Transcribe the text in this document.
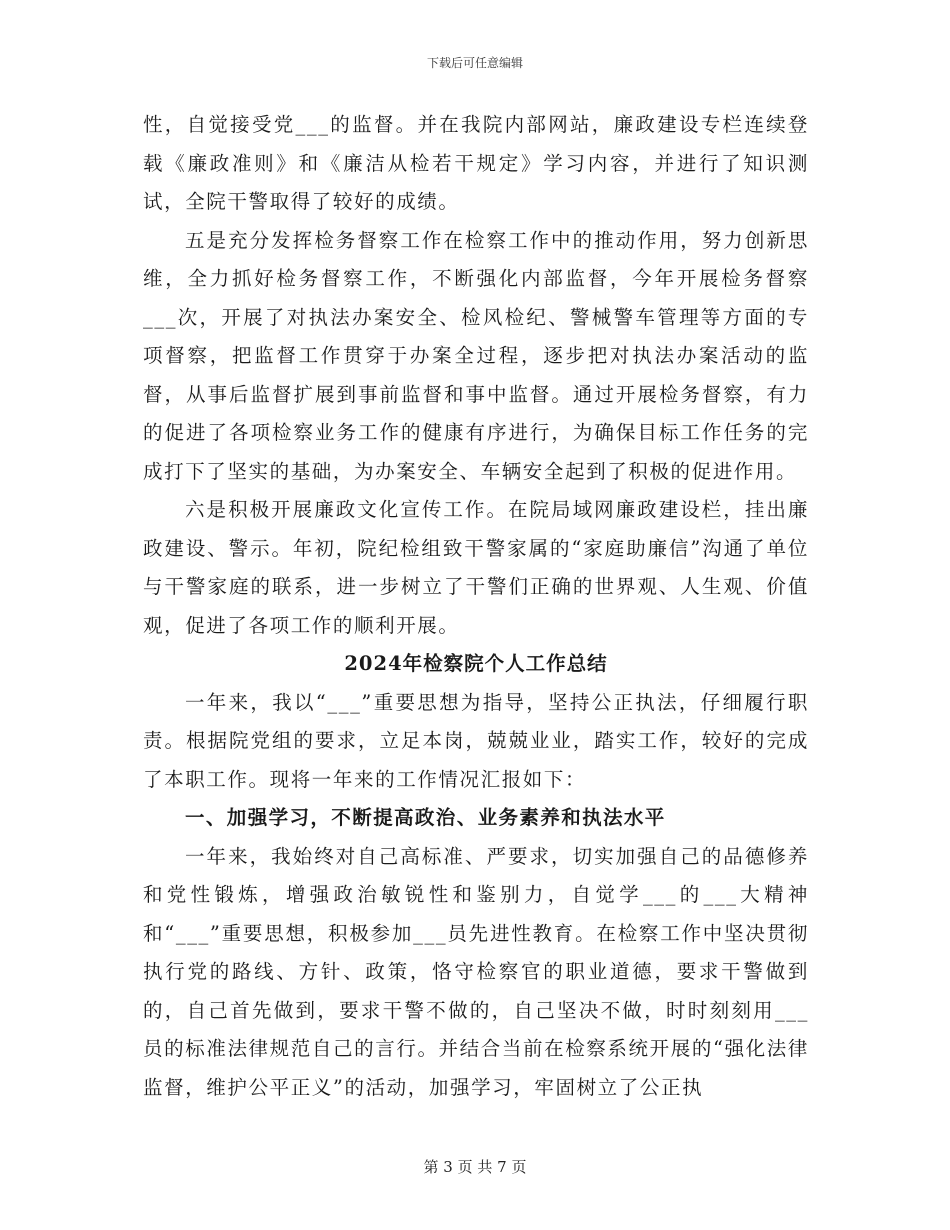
下载后可任意编辑

性，自觉接受党___的监督。并在我院内部网站，廉政建设专栏连续登载《廉政准则》和《廉洁从检若干规定》学习内容，并进行了知识测试，全院干警取得了较好的成绩。

五是充分发挥检务督察工作在检察工作中的推动作用，努力创新思维，全力抓好检务督察工作，不断强化内部监督，今年开展检务督察___次，开展了对执法办案安全、检风检纪、警械警车管理等方面的专项督察，把监督工作贯穿于办案全过程，逐步把对执法办案活动的监督，从事后监督扩展到事前监督和事中监督。通过开展检务督察，有力的促进了各项检察业务工作的健康有序进行，为确保目标工作任务的完成打下了坚实的基础，为办案安全、车辆安全起到了积极的促进作用。

六是积极开展廉政文化宣传工作。在院局域网廉政建设栏，挂出廉政建设、警示。年初，院纪检组致干警家属的“家庭助廉信”沟通了单位与干警家庭的联系，进一步树立了干警们正确的世界观、人生观、价值观，促进了各项工作的顺利开展。

2024年检察院个人工作总结

一年来，我以“___”重要思想为指导，坚持公正执法，仔细履行职责。根据院党组的要求，立足本岗，兢兢业业，踏实工作，较好的完成了本职工作。现将一年来的工作情况汇报如下：

一、加强学习，不断提高政治、业务素养和执法水平

一年来，我始终对自己高标准、严要求，切实加强自己的品德修养和党性锻炼，增强政治敏锐性和鉴别力，自觉学___的___大精神和“___”重要思想，积极参加___员先进性教育。在检察工作中坚决贯彻执行党的路线、方针、政策，恪守检察官的职业道德，要求干警做到的，自己首先做到，要求干警不做的，自己坚决不做，时时刻刻用___员的标准法律规范自己的言行。并结合当前在检察系统开展的“强化法律监督，维护公平正义”的活动，加强学习，牢固树立了公正执

第 3 页 共 7 页
